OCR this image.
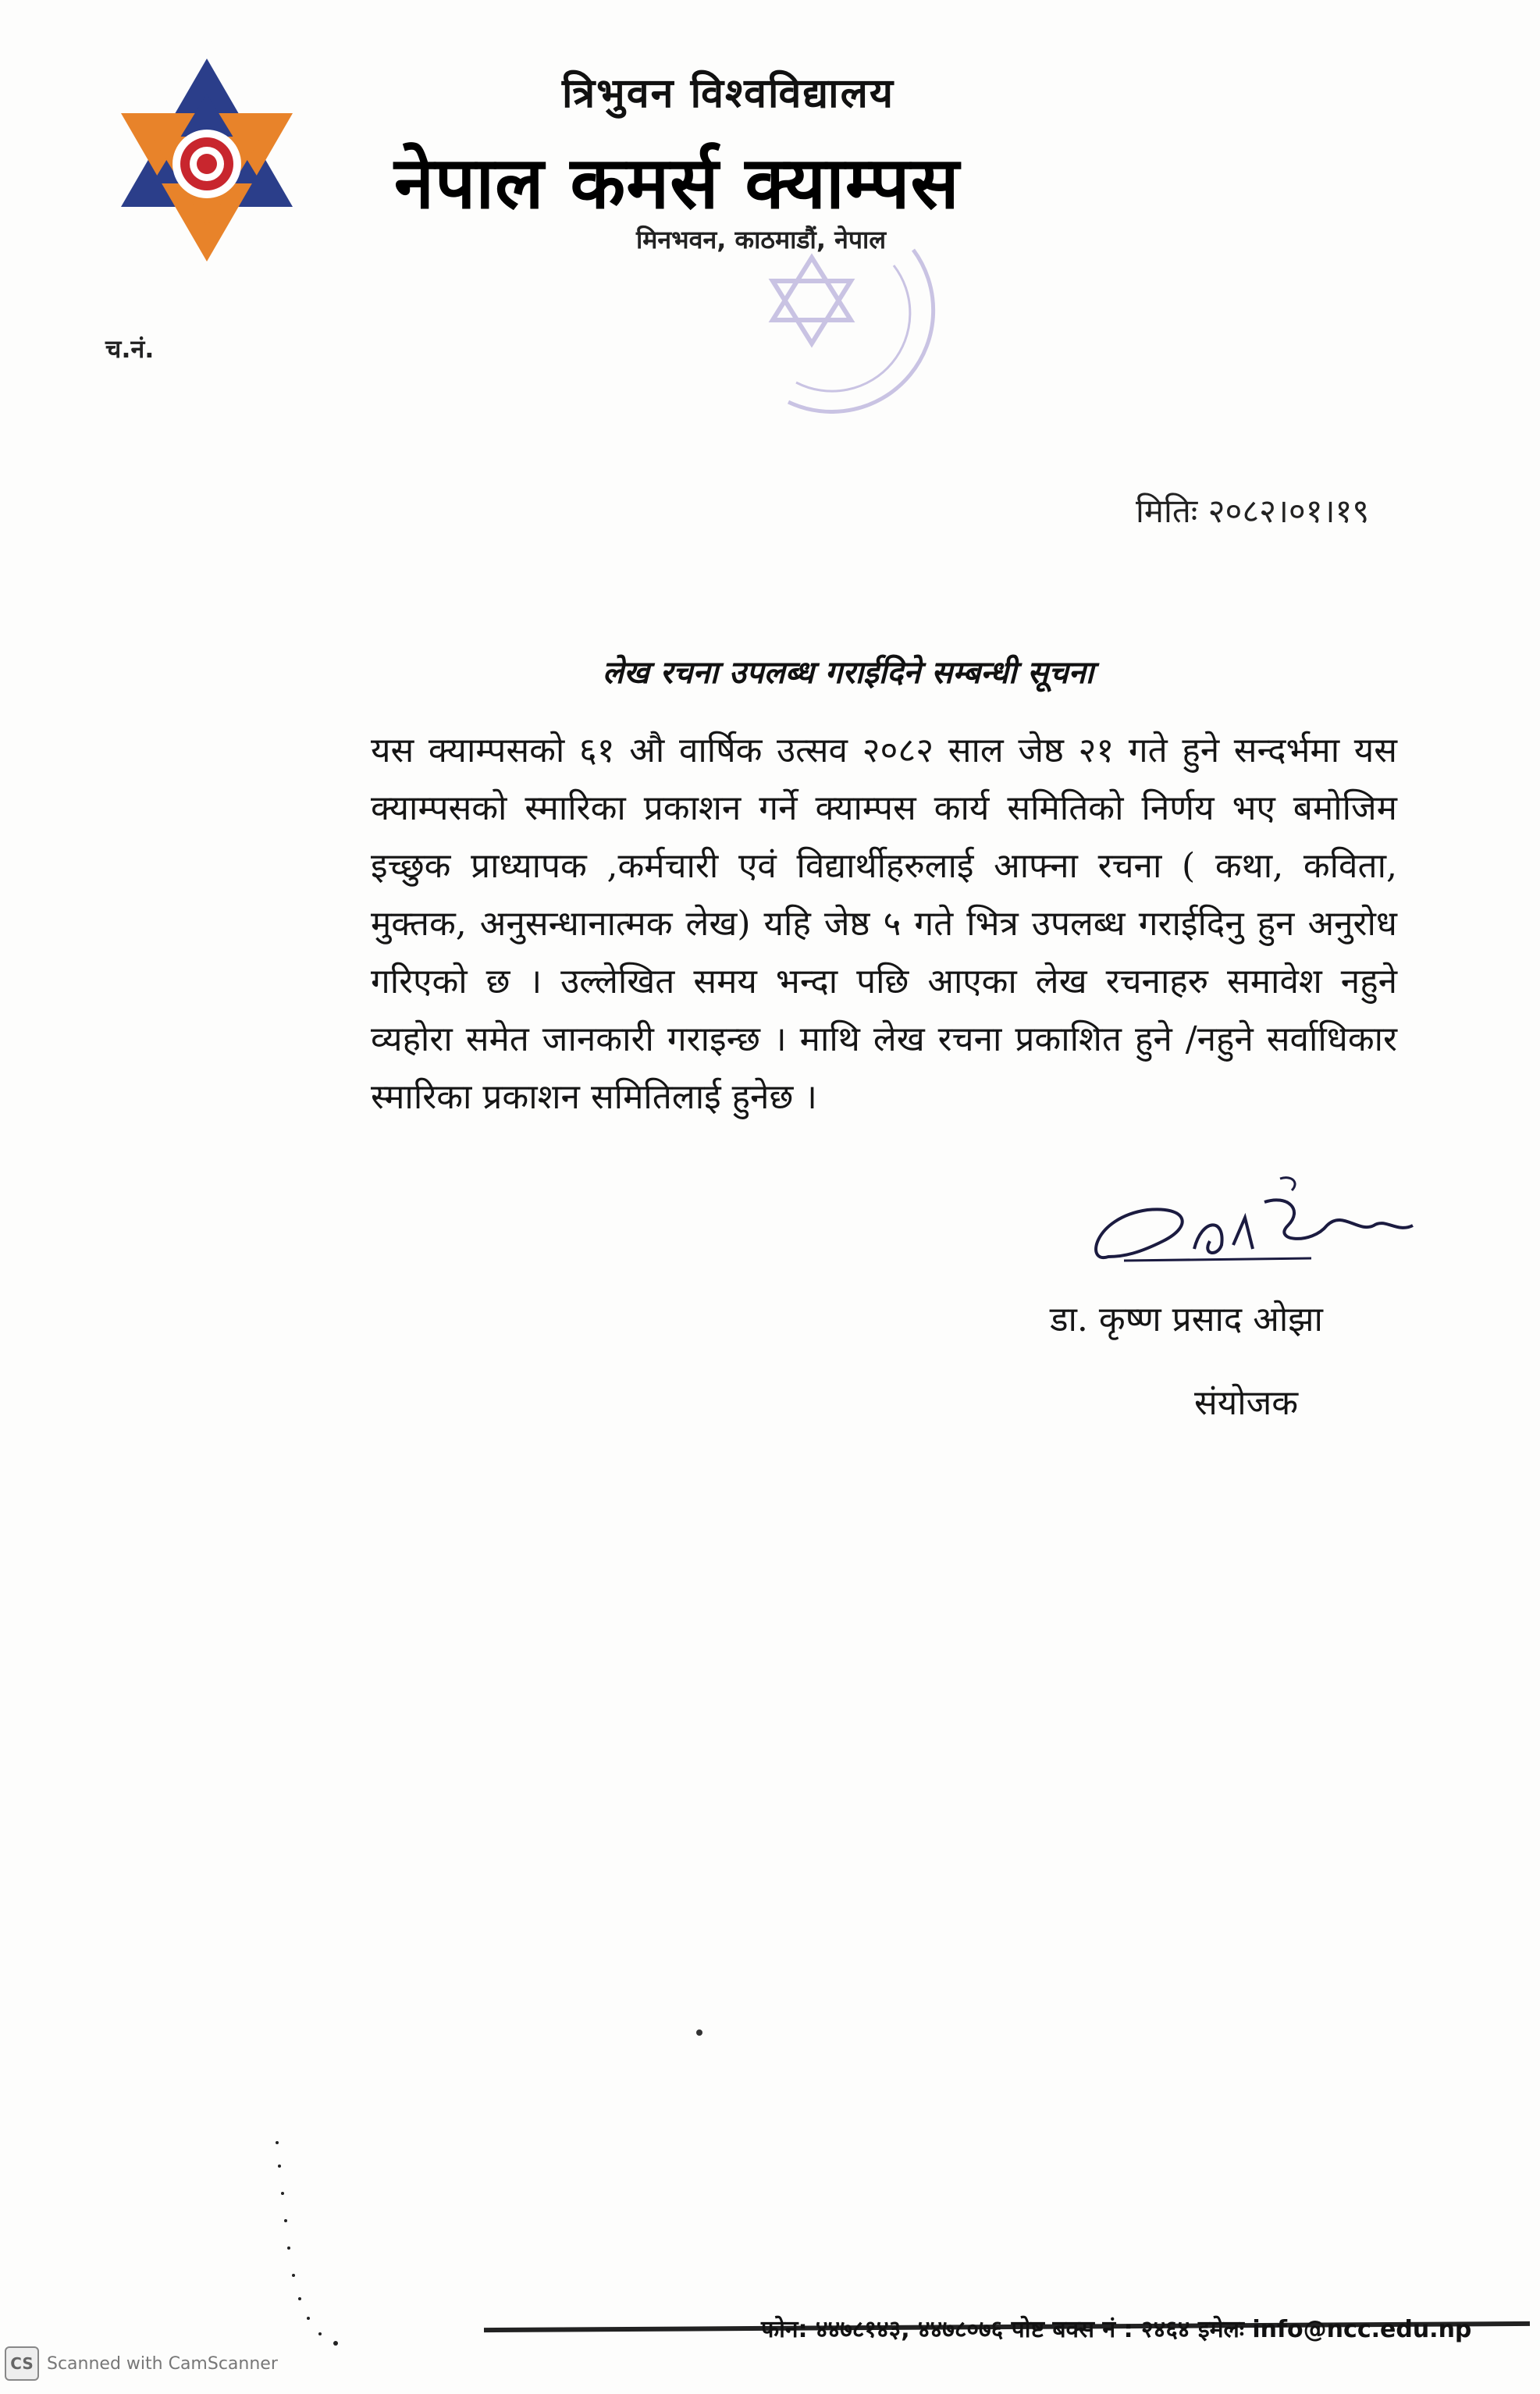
त्रिभुवन विश्वविद्यालय
नेपाल कमर्स क्याम्पस
मिनभवन, काठमाडौं, नेपाल
च.नं.
मितिः २०८२।०१।१९
लेख रचना उपलब्ध गराईदिने सम्बन्धी सूचना
यस क्याम्पसको ६१ औ वार्षिक उत्सव २०८२ साल जेष्ठ २१ गते हुने सन्दर्भमा यस क्याम्पसको स्मारिका प्रकाशन गर्ने क्याम्पस कार्य समितिको निर्णय भए बमोजिम इच्छुक प्राध्यापक ,कर्मचारी एवं विद्यार्थीहरुलाई आफ्ना रचना ( कथा, कविता, मुक्तक, अनुसन्धानात्मक लेख) यहि जेष्ठ ५ गते भित्र उपलब्ध गराईदिनु हुन अनुरोध गरिएको छ । उल्लेखित समय भन्दा पछि आएका लेख रचनाहरु समावेश नहुने व्यहोरा समेत जानकारी गराइन्छ । माथि लेख रचना प्रकाशित हुने /नहुने सर्वाधिकार स्मारिका प्रकाशन समितिलाई हुनेछ ।
डा. कृष्ण प्रसाद ओझा
संयोजक
फोन: ४४७८१४३, ४४७८०७६ पोष्ट बक्स नं : २४६४ इमेलः info@ncc.edu.np
CS Scanned with CamScanner
